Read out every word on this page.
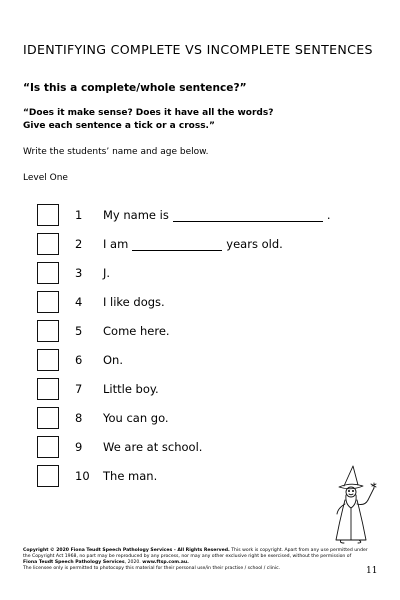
IDENTIFYING COMPLETE VS INCOMPLETE SENTENCES
“Is this a complete/whole sentence?”
“Does it make sense? Does it have all the words?
Give each sentence a tick or a cross.”
Write the students’ name and age below.
Level One
1	My name is	.
2	I am	years old.
3	J.
4	I like dogs.
5	Come here.
6	On.
7	Little boy.
8	You can go.
9	We are at school.
10	The man.
Copyright © 2020 Fiona Teudt Speech Pathology Services - All Rights Reserved. This work is copyright. Apart from any use permitted under
the Copyright Act 1968, no part may be reproduced by any process, nor may any other exclusive right be exercised, without the permission of
Fiona Teudt Speech Pathology Services, 2020. www.ftsp.com.au.
The licensee only is permitted to photocopy this material for their personal use/in their practise / school / clinic.	11
